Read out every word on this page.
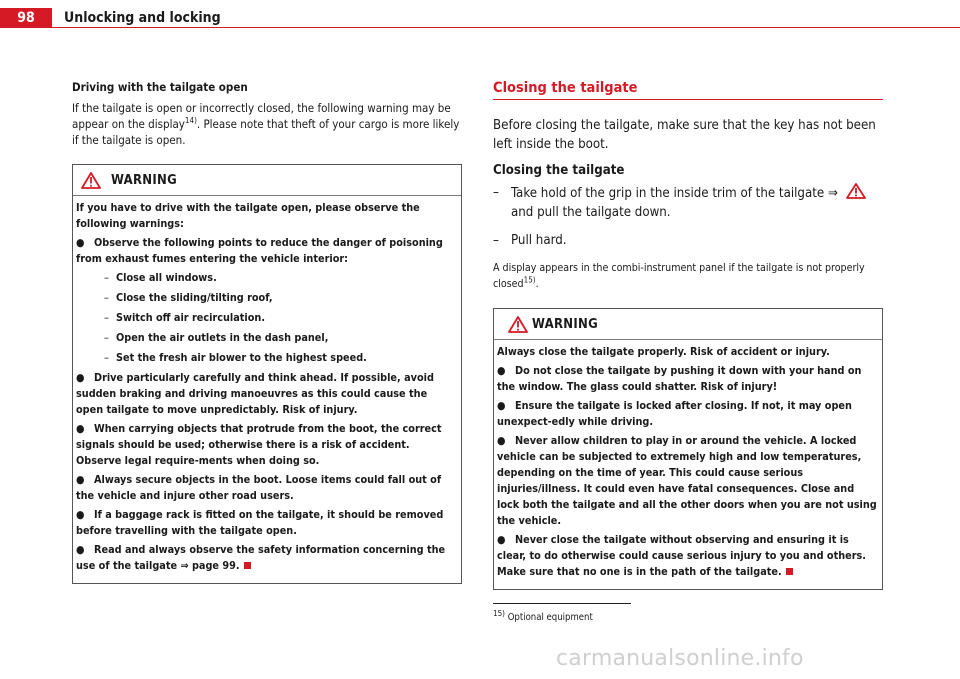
98	Unlocking and locking
Driving with the tailgate open

If the tailgate is open or incorrectly closed, the following warning may be appear on the display$^{14)}$. Please note that theft of your cargo is more likely if the tailgate is open.

WARNING

If you have to drive with the tailgate open, please observe the following warnings:

● Observe the following points to reduce the danger of poisoning from exhaust fumes entering the vehicle interior:
– Close all windows.
– Close the sliding/tilting roof,
– Switch off air recirculation.
– Open the air outlets in the dash panel,
– Set the fresh air blower to the highest speed.
● Drive particularly carefully and think ahead. If possible, avoid sudden braking and driving manoeuvres as this could cause the open tailgate to move unpredictably. Risk of injury.
● When carrying objects that protrude from the boot, the correct signals should be used; otherwise there is a risk of accident. Observe legal require-ments when doing so.
● Always secure objects in the boot. Loose items could fall out of the vehicle and injure other road users.
● If a baggage rack is fitted on the tailgate, it should be removed before travelling with the tailgate open.
● Read and always observe the safety information concerning the use of the tailgate ⇒ page 99.
Closing the tailgate

Before closing the tailgate, make sure that the key has not been left inside the boot.

Closing the tailgate

– Take hold of the grip in the inside trim of the tailgate ⇒ and pull the tailgate down.

– Pull hard.

A display appears in the combi-instrument panel if the tailgate is not properly closed$^{15)}$.

WARNING

Always close the tailgate properly. Risk of accident or injury.

● Do not close the tailgate by pushing it down with your hand on the window. The glass could shatter. Risk of injury!
● Ensure the tailgate is locked after closing. If not, it may open unexpect-edly while driving.
● Never allow children to play in or around the vehicle. A locked vehicle can be subjected to extremely high and low temperatures, depending on the time of year. This could cause serious injuries/illness. It could even have fatal consequences. Close and lock both the tailgate and all the other doors when you are not using the vehicle.
● Never close the tailgate without observing and ensuring it is clear, to do otherwise could cause serious injury to you and others. Make sure that no one is in the path of the tailgate.
$^{15)}$ Optional equipment
carmanualsonline.info
